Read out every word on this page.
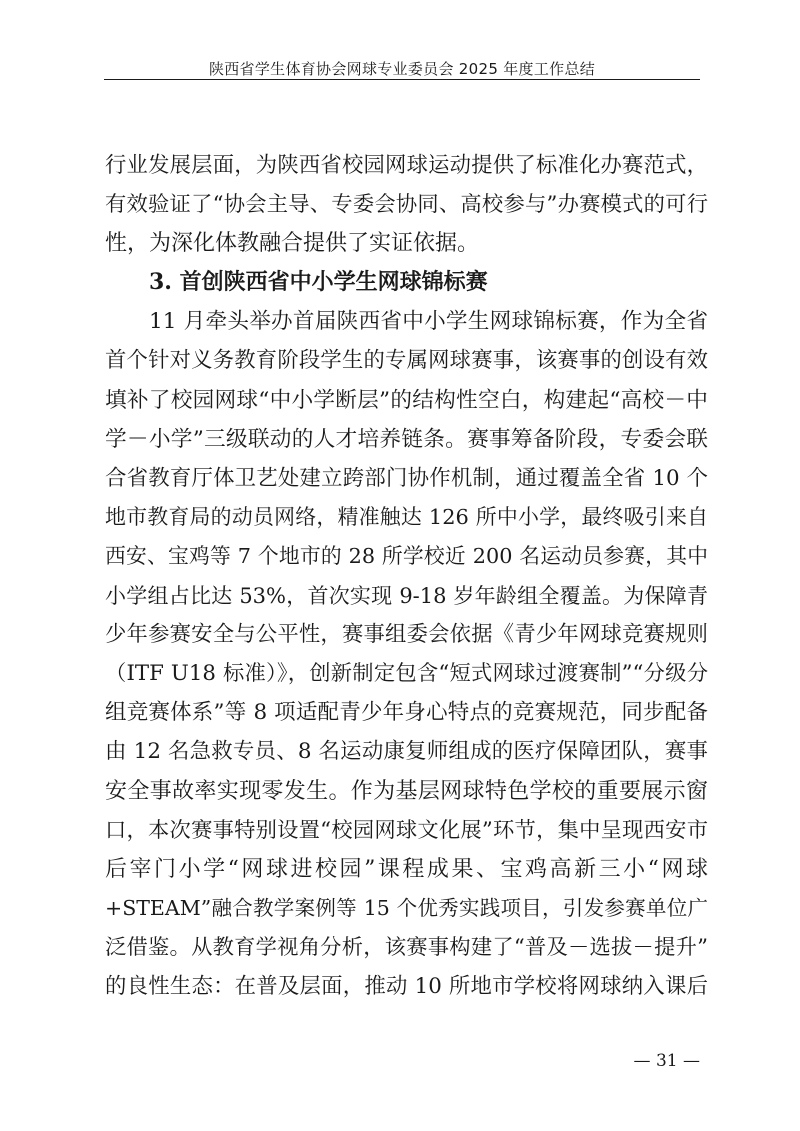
陕西省学生体育协会网球专业委员会 2025 年度工作总结
行业发展层面，为陕西省校园网球运动提供了标准化办赛范式，
有效验证了“协会主导、专委会协同、高校参与”办赛模式的可行
性，为深化体教融合提供了实证依据。
3. 首创陕西省中小学生网球锦标赛
11 月牵头举办首届陕西省中小学生网球锦标赛，作为全省
首个针对义务教育阶段学生的专属网球赛事，该赛事的创设有效
填补了校园网球“中小学断层”的结构性空白，构建起“高校－中
学－小学”三级联动的人才培养链条。赛事筹备阶段，专委会联
合省教育厅体卫艺处建立跨部门协作机制，通过覆盖全省 10 个
地市教育局的动员网络，精准触达 126 所中小学，最终吸引来自
西安、宝鸡等 7 个地市的 28 所学校近 200 名运动员参赛，其中
小学组占比达 53%，首次实现 9-18 岁年龄组全覆盖。为保障青
少年参赛安全与公平性，赛事组委会依据《青少年网球竞赛规则
（ITF U18 标准）》，创新制定包含“短式网球过渡赛制”“分级分
组竞赛体系”等 8 项适配青少年身心特点的竞赛规范，同步配备
由 12 名急救专员、8 名运动康复师组成的医疗保障团队，赛事
安全事故率实现零发生。作为基层网球特色学校的重要展示窗
口，本次赛事特别设置“校园网球文化展”环节，集中呈现西安市
后宰门小学“网球进校园”课程成果、宝鸡高新三小“网球
+STEAM”融合教学案例等 15 个优秀实践项目，引发参赛单位广
泛借鉴。从教育学视角分析，该赛事构建了“普及－选拔－提升”
的良性生态：在普及层面，推动 10 所地市学校将网球纳入课后
— 31 —
